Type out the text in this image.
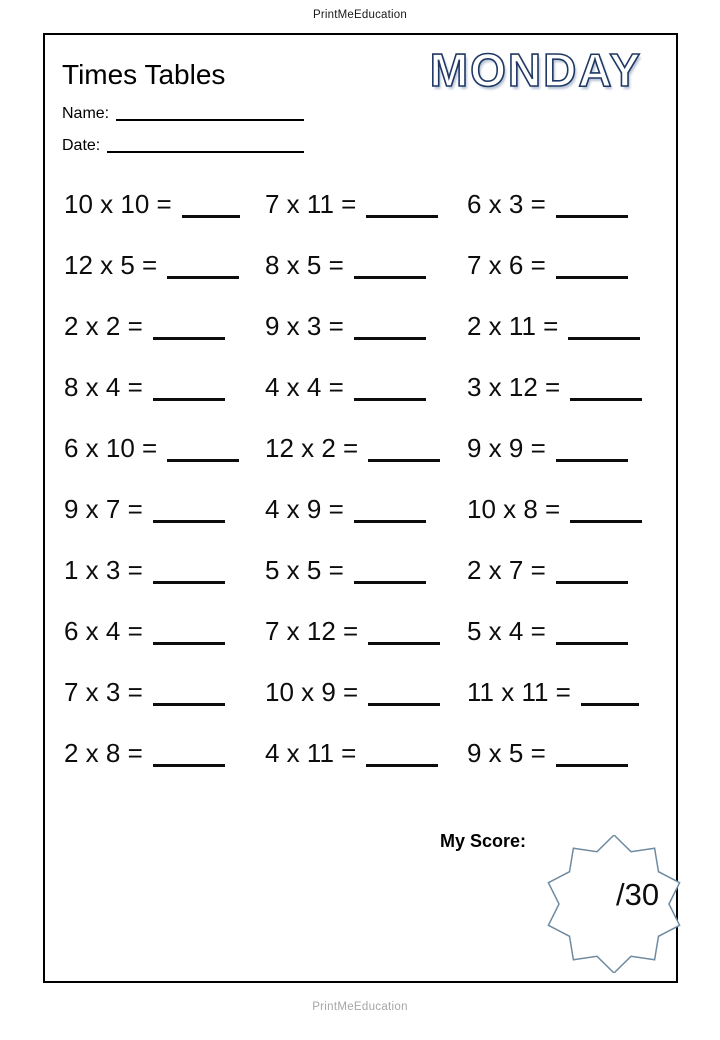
PrintMeEducation
Times Tables	MONDAY
Name:
Date:
10 x 10 =	7 x 11 =	6 x 3 =
12 x 5 =	8 x 5 =	7 x 6 =
2 x 2 =	9 x 3 =	2 x 11 =
8 x 4 =	4 x 4 =	3 x 12 =
6 x 10 =	12 x 2 =	9 x 9 =
9 x 7 =	4 x 9 =	10 x 8 =
1 x 3 =	5 x 5 =	2 x 7 =
6 x 4 =	7 x 12 =	5 x 4 =
7 x 3 =	10 x 9 =	11 x 11 =
2 x 8 =	4 x 11 =	9 x 5 =
My Score:
/30
PrintMeEducation
